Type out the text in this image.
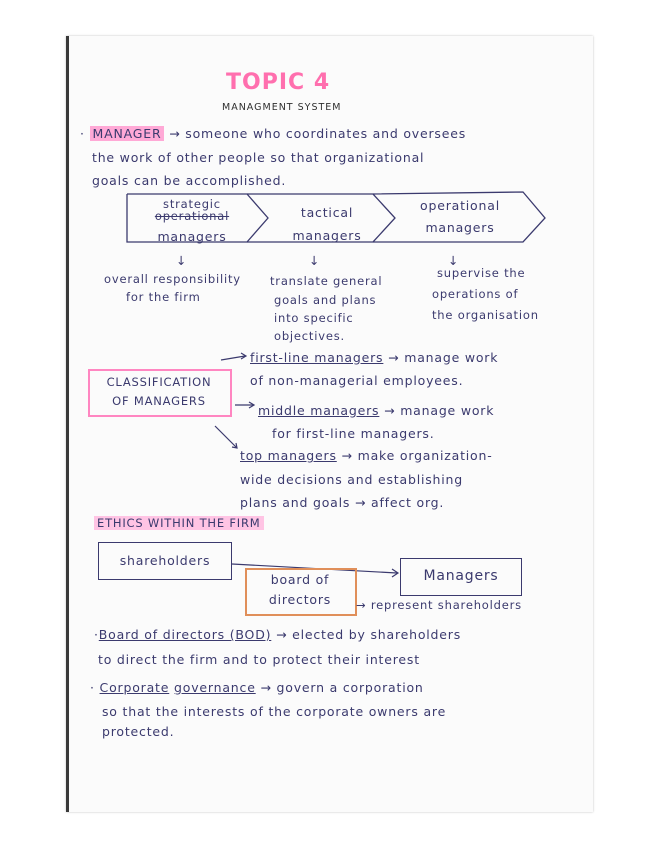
TOPIC 4
MANAGMENT SYSTEM
· MANAGER → someone who coordinates and oversees
the work of other people so that organizational
goals can be accomplished.
strategic
operational
managers
tactical
managers
operational
managers
↓	↓	↓
overall responsibility
for the firm
translate general
goals and plans
into specific
objectives.
supervise the
operations of
the organisation
CLASSIFICATION
OF MANAGERS
first-line managers → manage work
of non-managerial employees.
middle managers → manage work
for first-line managers.
top managers → make organization-
wide decisions and establishing
plans and goals → affect org.
ETHICS WITHIN THE FIRM
shareholders
Managers
board of
directors	→ represent shareholders
·Board of directors (BOD) → elected by shareholders
to direct the firm and to protect their interest
· Corporate governance → govern a corporation
so that the interests of the corporate owners are
protected.
